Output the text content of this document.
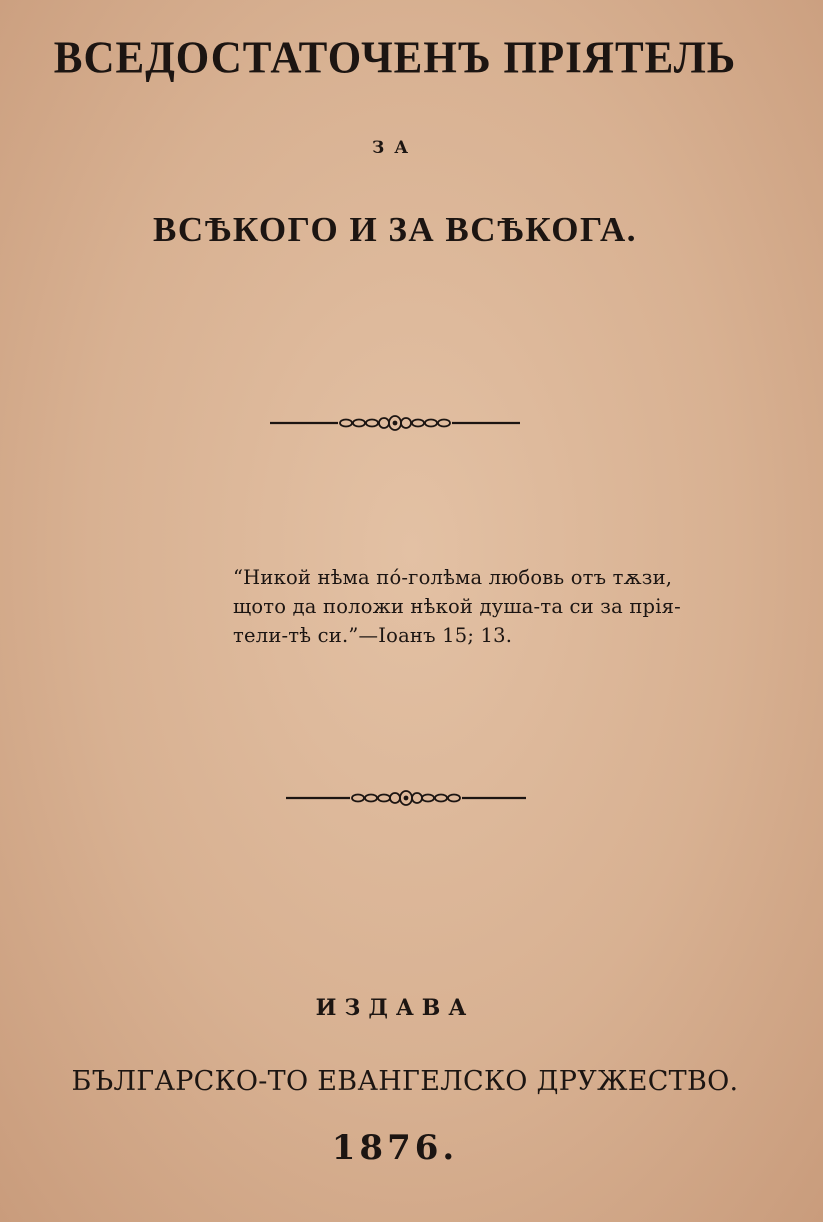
ВСЕДОСТАТОЧЕНЪ ПРІЯТЕЛЬ
ЗА
ВСѢКОГО И ЗА ВСѢКОГА.
“Никой нѣма по́-голѣма любовь отъ тѫзи,
щото да положи нѣкой душа-та си за прія-
тели-тѣ си.”—Іоанъ 15; 13.
ИЗДАВА
БЪЛГАРСКО-ТО ЕВАНГЕЛСКО ДРУЖЕСТВО.
1876.
